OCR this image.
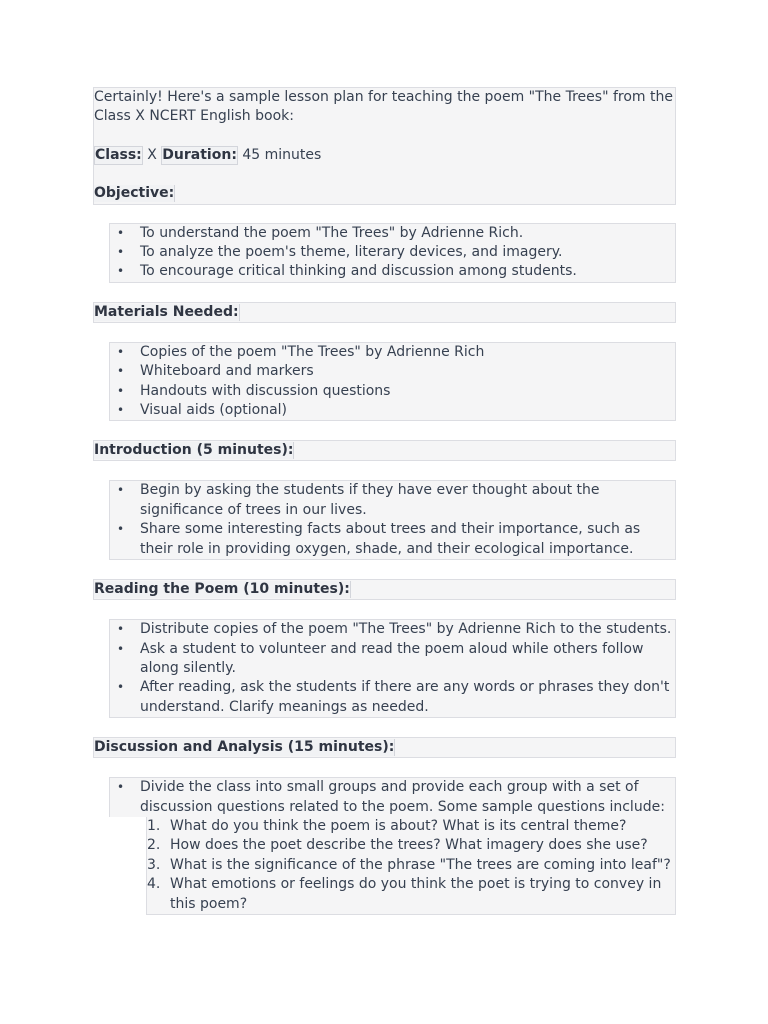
Certainly! Here's a sample lesson plan for teaching the poem "The Trees" from the Class X NCERT English book:

Class: X Duration: 45 minutes

Objective:

• To understand the poem "The Trees" by Adrienne Rich.
• To analyze the poem's theme, literary devices, and imagery.
• To encourage critical thinking and discussion among students.
Materials Needed:
• Copies of the poem "The Trees" by Adrienne Rich
• Whiteboard and markers
• Handouts with discussion questions
• Visual aids (optional)
Introduction (5 minutes):
• Begin by asking the students if they have ever thought about the significance of trees in our lives.
• Share some interesting facts about trees and their importance, such as their role in providing oxygen, shade, and their ecological importance.
Reading the Poem (10 minutes):
• Distribute copies of the poem "The Trees" by Adrienne Rich to the students.
• Ask a student to volunteer and read the poem aloud while others follow along silently.
• After reading, ask the students if there are any words or phrases they don't understand. Clarify meanings as needed.
Discussion and Analysis (15 minutes):
• Divide the class into small groups and provide each group with a set of discussion questions related to the poem. Some sample questions include:
1. What do you think the poem is about? What is its central theme?
2. How does the poet describe the trees? What imagery does she use?
3. What is the significance of the phrase "The trees are coming into leaf"?
4. What emotions or feelings do you think the poet is trying to convey in this poem?
